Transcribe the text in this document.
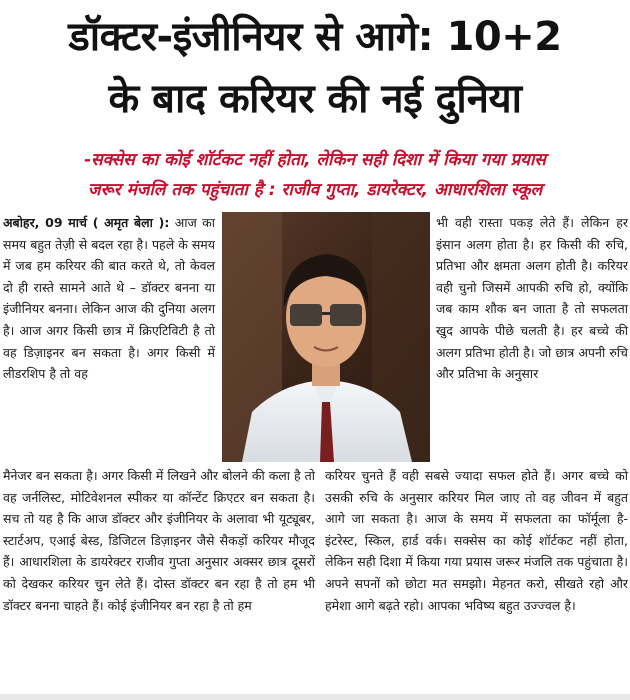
डॉक्टर-इंजीनियर से आगे: 10+2
के बाद करियर की नई दुनिया
-सक्सेस का कोई शॉर्टकट नहीं होता, लेकिन सही दिशा में किया गया प्रयास
जरूर मंजलि तक पहुंचाता है : राजीव गुप्ता, डायरेक्टर, आधारशिला स्कूल
अबोहर, 09 मार्च ( अमृत बेला ): आज का समय बहुत तेज़ी से बदल रहा है। पहले के समय में जब हम करियर की बात करते थे, तो केवल दो ही रास्ते सामने आते थे – डॉक्टर बनना या इंजीनियर बनना। लेकिन आज की दुनिया अलग है। आज अगर किसी छात्र में क्रिएटिविटी है तो वह डिज़ाइनर बन सकता है। अगर किसी में लीडरशिप है तो वह
भी वही रास्ता पकड़ लेते हैं। लेकिन हर इंसान अलग होता है। हर किसी की रुचि, प्रतिभा और क्षमता अलग होती है। करियर वही चुनो जिसमें आपकी रुचि हो, क्योंकि जब काम शौक बन जाता है तो सफलता खुद आपके पीछे चलती है। हर बच्चे की अलग प्रतिभा होती है। जो छात्र अपनी रुचि और प्रतिभा के अनुसार
मैनेजर बन सकता है। अगर किसी में लिखने और बोलने की कला है तो वह जर्नलिस्ट, मोटिवेशनल स्पीकर या कॉन्टेंट क्रिएटर बन सकता है। सच तो यह है कि आज डॉक्टर और इंजीनियर के अलावा भी यूट्यूबर, स्टार्टअप, एआई बेस्ड, डिजिटल डिज़ाइनर जैसे सैकड़ों करियर मौजूद हैं। आधारशिला के डायरेक्टर राजीव गुप्ता अनुसार अक्सर छात्र दूसरों को देखकर करियर चुन लेते हैं। दोस्त डॉक्टर बन रहा है तो हम भी डॉक्टर बनना चाहते हैं। कोई इंजीनियर बन रहा है तो हम
करियर चुनते हैं वही सबसे ज्यादा सफल होते हैं। अगर बच्चे को उसकी रुचि के अनुसार करियर मिल जाए तो वह जीवन में बहुत आगे जा सकता है। आज के समय में सफलता का फॉर्मूला है- इंटरेस्ट, स्किल, हार्ड वर्क। सक्सेस का कोई शॉर्टकट नहीं होता, लेकिन सही दिशा में किया गया प्रयास जरूर मंजलि तक पहुंचाता है। अपने सपनों को छोटा मत समझो। मेहनत करो, सीखते रहो और हमेशा आगे बढ़ते रहो। आपका भविष्य बहुत उज्ज्वल है।
